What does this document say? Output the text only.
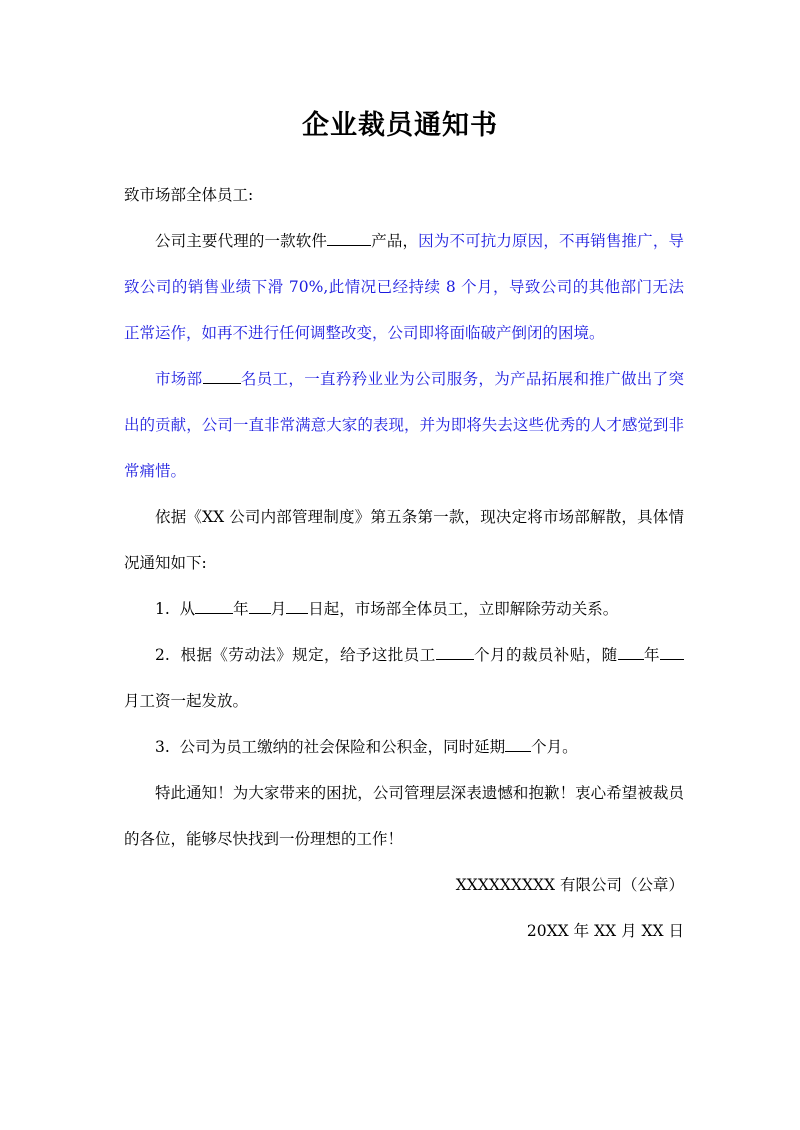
企业裁员通知书

致市场部全体员工:

公司主要代理的一款软件	产品，因为不可抗力原因，不再销售推广，导致公司的销售业绩下滑 70%,此情况已经持续 8 个月，导致公司的其他部门无法正常运作，如再不进行任何调整改变，公司即将面临破产倒闭的困境。

市场部 名员工，一直矜矜业业为公司服务，为产品拓展和推广做出了突出的贡献，公司一直非常满意大家的表现，并为即将失去这些优秀的人才感觉到非常痛惜。

依据《XX 公司内部管理制度》第五条第一款，现决定将市场部解散，具体情况通知如下:

1. 从 年 月 日起，市场部全体员工，立即解除劳动关系。

2. 根据《劳动法》规定，给予这批员工 个月的裁员补贴，随 年月工资一起发放。

3. 公司为员工缴纳的社会保险和公积金，同时延期 个月。

特此通知！为大家带来的困扰，公司管理层深表遗憾和抱歉！衷心希望被裁员的各位，能够尽快找到一份理想的工作！

XXXXXXXXX 有限公司（公章）

20XX 年 XX 月 XX 日
